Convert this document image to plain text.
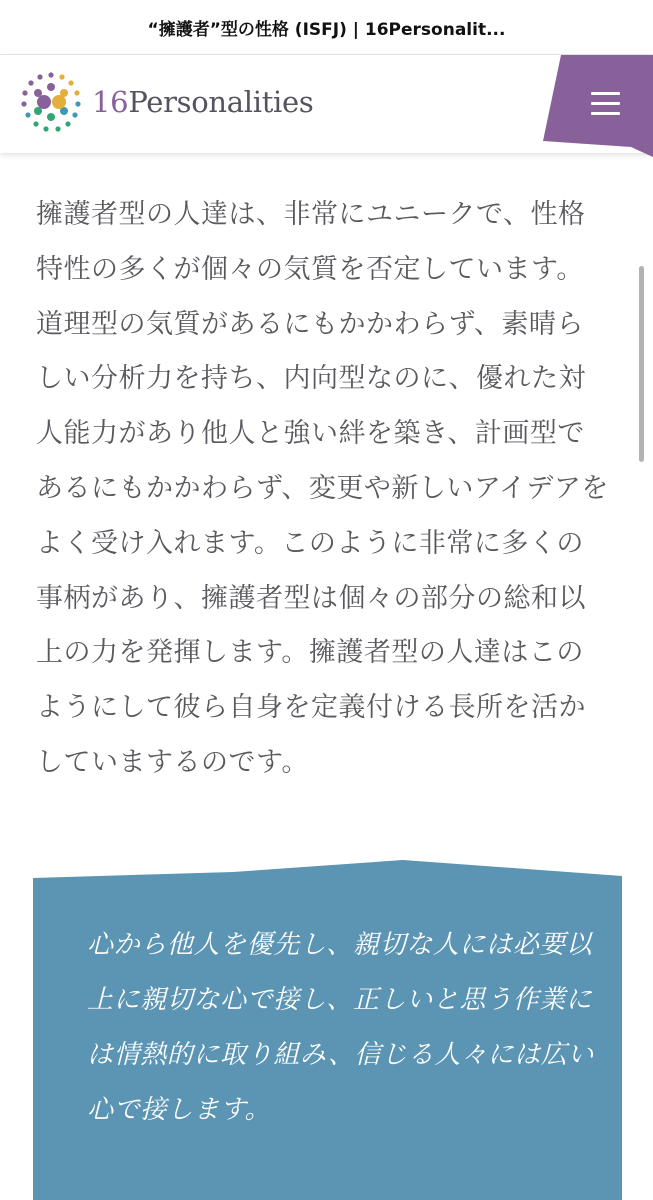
“擁護者”型の性格 (ISFJ) | 16Personalit...
16Personalities

擁護者型の人達は、非常にユニークで、性格特性の多くが個々の気質を否定しています。道理型の気質があるにもかかわらず、素晴らしい分析力を持ち、内向型なのに、優れた対人能力があり他人と強い絆を築き、計画型であるにもかかわらず、変更や新しいアイデアをよく受け入れます。このように非常に多くの事柄があり、擁護者型は個々の部分の総和以上の力を発揮します。擁護者型の人達はこのようにして彼ら自身を定義付ける長所を活かしていまするのです。

心から他人を優先し、親切な人には必要以上に親切な心で接し、正しいと思う作業には情熱的に取り組み、信じる人々には広い心で接します。
